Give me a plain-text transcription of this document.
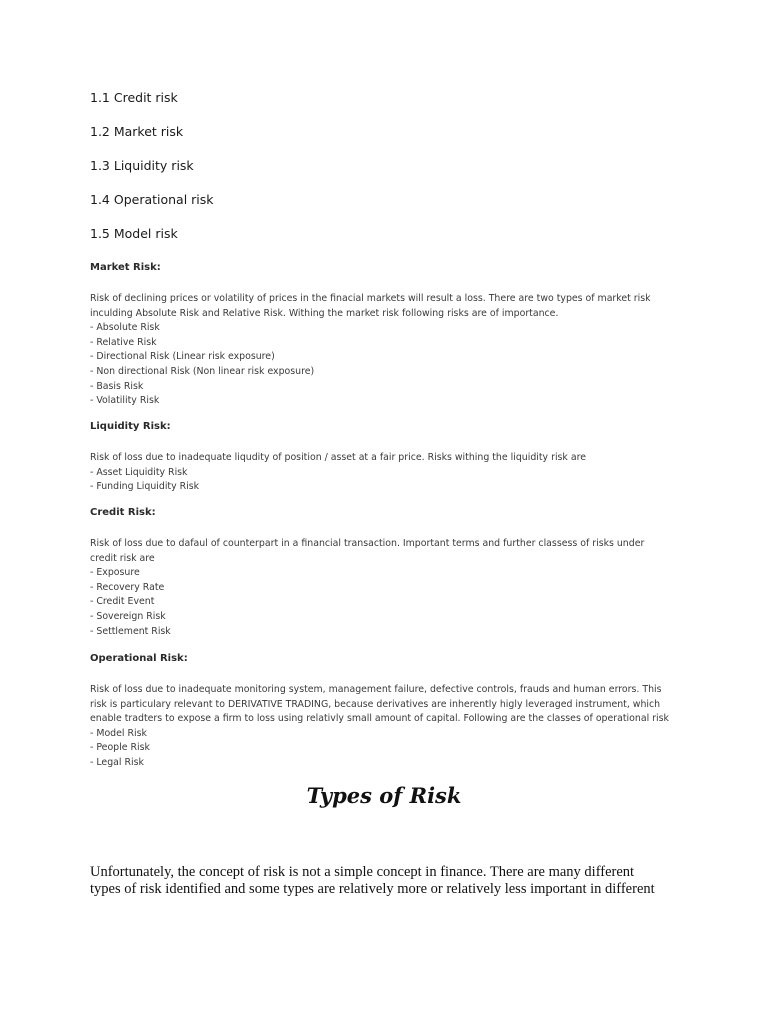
1.1 Credit risk
1.2 Market risk
1.3 Liquidity risk
1.4 Operational risk
1.5 Model risk

Market Risk:

Risk of declining prices or volatility of prices in the finacial markets will result a loss. There are two types of market risk
inculding Absolute Risk and Relative Risk. Withing the market risk following risks are of importance.
- Absolute Risk
- Relative Risk
- Directional Risk (Linear risk exposure)
- Non directional Risk (Non linear risk exposure)
- Basis Risk
- Volatility Risk

Liquidity Risk:

Risk of loss due to inadequate liqudity of position / asset at a fair price. Risks withing the liquidity risk are
- Asset Liquidity Risk
- Funding Liquidity Risk

Credit Risk:

Risk of loss due to dafaul of counterpart in a financial transaction. Important terms and further classess of risks under
credit risk are
- Exposure
- Recovery Rate
- Credit Event
- Sovereign Risk
- Settlement Risk

Operational Risk:

Risk of loss due to inadequate monitoring system, management failure, defective controls, frauds and human errors. This
risk is particulary relevant to DERIVATIVE TRADING, because derivatives are inherently higly leveraged instrument, which
enable tradters to expose a firm to loss using relativly small amount of capital. Following are the classes of operational risk
- Model Risk
- People Risk
- Legal Risk

Types of Risk

Unfortunately, the concept of risk is not a simple concept in finance. There are many different
types of risk identified and some types are relatively more or relatively less important in different
